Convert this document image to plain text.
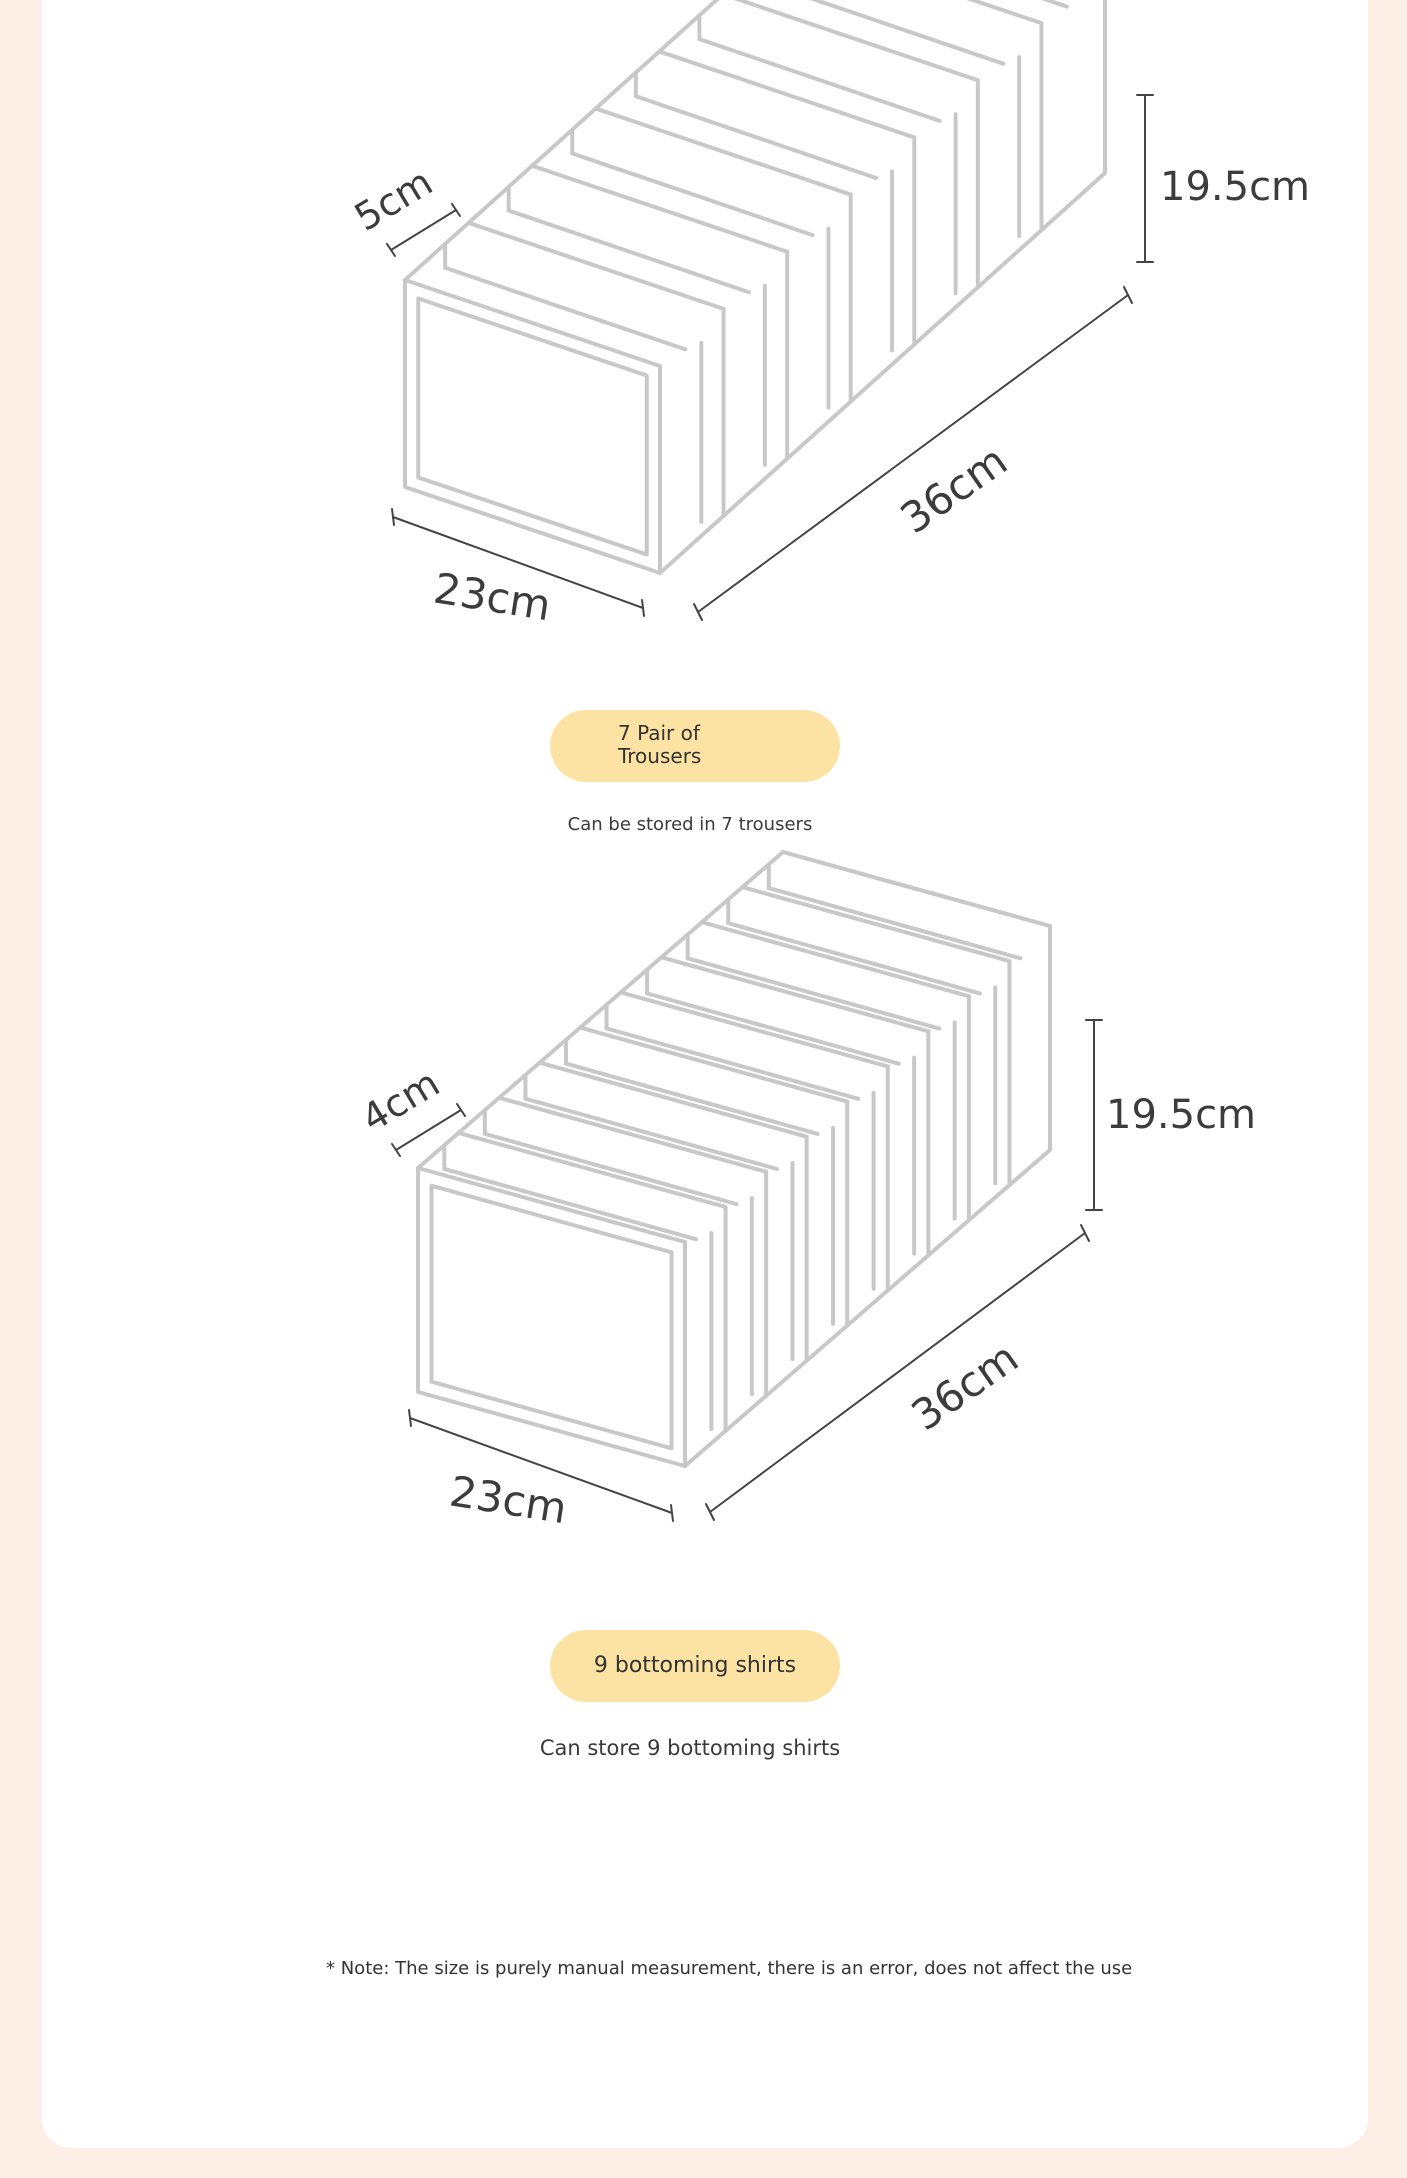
19.5cm
5cm
23cm
36cm
7 Pair of
Trousers
Can be stored in 7 trousers
19.5cm
4cm
23cm
36cm
9 bottoming shirts
Can store 9 bottoming shirts
* Note: The size is purely manual measurement, there is an error, does not affect the use
